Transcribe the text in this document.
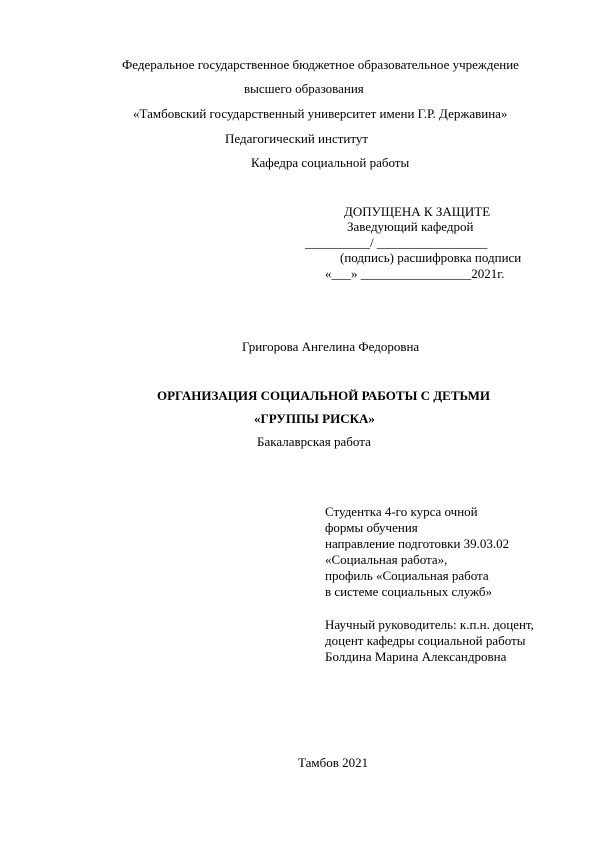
Федеральное государственное бюджетное образовательное учреждение
высшего образования
«Тамбовский государственный университет имени Г.Р. Державина»
Педагогический институт
Кафедра социальной работы
ДОПУЩЕНА К ЗАЩИТЕ
Заведующий кафедрой
__________/ _________________
(подпись) расшифровка подписи
«___» _________________2021г.
Григорова Ангелина Федоровна
ОРГАНИЗАЦИЯ СОЦИАЛЬНОЙ РАБОТЫ С ДЕТЬМИ
«ГРУППЫ РИСКА»
Бакалаврская работа
Студентка 4-го курса очной
формы обучения
направление подготовки 39.03.02
«Социальная работа»,
профиль «Социальная работа
в системе социальных служб»
Научный руководитель: к.п.н. доцент,
доцент кафедры социальной работы
Болдина Марина Александровна
Тамбов 2021
